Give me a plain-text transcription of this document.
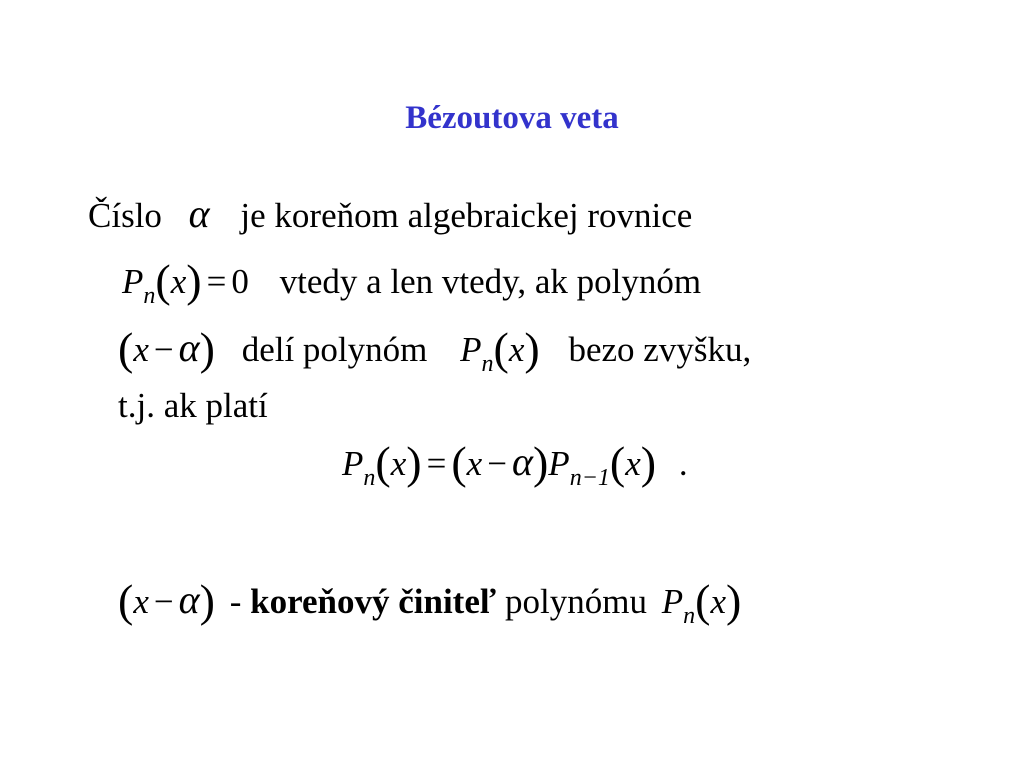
Bézoutova veta
Číslo α je koreňom algebraickej rovnice
$P_n(x) = 0$ vtedy a len vtedy, ak polynóm
(x − α) delí polynóm $P_n(x)$ bezo zvyšku,
t.j. ak platí
$P_n(x) = (x - \alpha)P_{n-1}(x)$ .
(x − α) - koreňový činiteľ polynómu $P_n(x)$
